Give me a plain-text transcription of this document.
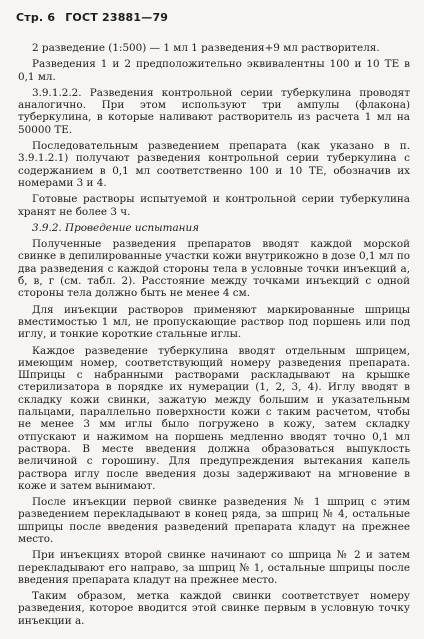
Стр. 6 ГОСТ 23881—79

2 разведение (1:500) — 1 мл 1 разведения+9 мл растворителя.

Разведения 1 и 2 предположительно эквивалентны 100 и 10 ТЕ в 0,1 мл.

3.9.1.2.2. Разведения контрольной серии туберкулина проводят аналогично. При этом используют три ампулы (флакона) туберкулина, в которые наливают растворитель из расчета 1 мл на 50000 ТЕ.

Последовательным разведением препарата (как указано в п. 3.9.1.2.1) получают разведения контрольной серии туберкулина с содержанием в 0,1 мл соответственно 100 и 10 ТЕ, обозначив их номерами 3 и 4.

Готовые растворы испытуемой и контрольной серии туберкулина хранят не более 3 ч.

3.9.2. Проведение испытания

Полученные разведения препаратов вводят каждой морской свинке в депилированные участки кожи внутрикожно в дозе 0,1 мл по два разведения с каждой стороны тела в условные точки инъекций а, б, в, г (см. табл. 2). Расстояние между точками инъекций с одной стороны тела должно быть не менее 4 см.

Для инъекции растворов применяют маркированные шприцы вместимостью 1 мл, не пропускающие раствор под поршень или под иглу, и тонкие короткие стальные иглы.

Каждое разведение туберкулина вводят отдельным шприцем, имеющим номер, соответствующий номеру разведения препарата. Шприцы с набранными растворами раскладывают на крышке стерилизатора в порядке их нумерации (1, 2, 3, 4). Иглу вводят в складку кожи свинки, зажатую между большим и указательным пальцами, параллельно поверхности кожи с таким расчетом, чтобы не менее 3 мм иглы было погружено в кожу, затем складку отпускают и нажимом на поршень медленно вводят точно 0,1 мл раствора. В месте введения должна образоваться выпуклость величиной с горошину. Для предупреждения вытекания капель раствора иглу после введения дозы задерживают на мгновение в коже и затем вынимают.

После инъекции первой свинке разведения № 1 шприц с этим разведением перекладывают в конец ряда, за шприц № 4, остальные шприцы после введения разведений препарата кладут на прежнее место.

При инъекциях второй свинке начинают со шприца № 2 и затем перекладывают его направо, за шприц № 1, остальные шприцы после введения препарата кладут на прежнее место.

Таким образом, метка каждой свинки соответствует номеру разведения, которое вводится этой свинке первым в условную точку инъекции а.
